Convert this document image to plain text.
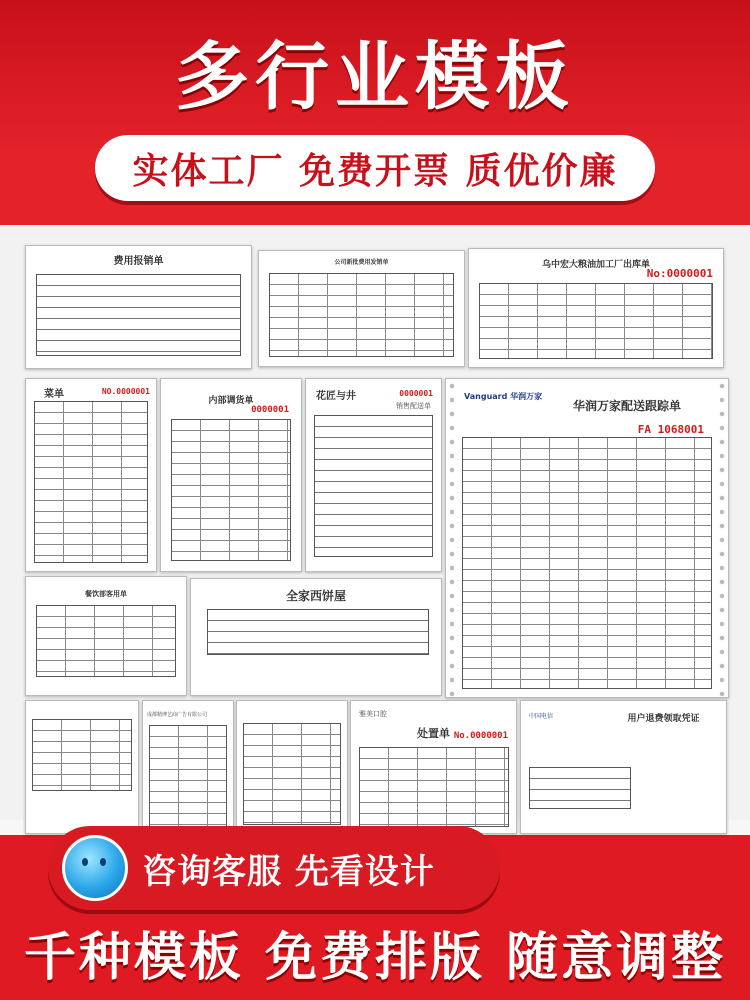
多行业模板
实体工厂 免费开票 质优价廉
费用报销单	公司新批费用发销单	乌中宏大粮油加工厂出库单
No:0000001
菜单	NO.0000001
内部调货单
0000001
花匠与井	0000001
销售配送单
Vanguard 华润万家
华润万家配送跟踪单
FA 1068001
餐饮部客用单	全家西饼屋
成都精博艺商广告有限公司	雅美口腔
处置单 No.0000001
中国电信	用户退费领取凭证
咨询客服 先看设计
千种模板 免费排版 随意调整
